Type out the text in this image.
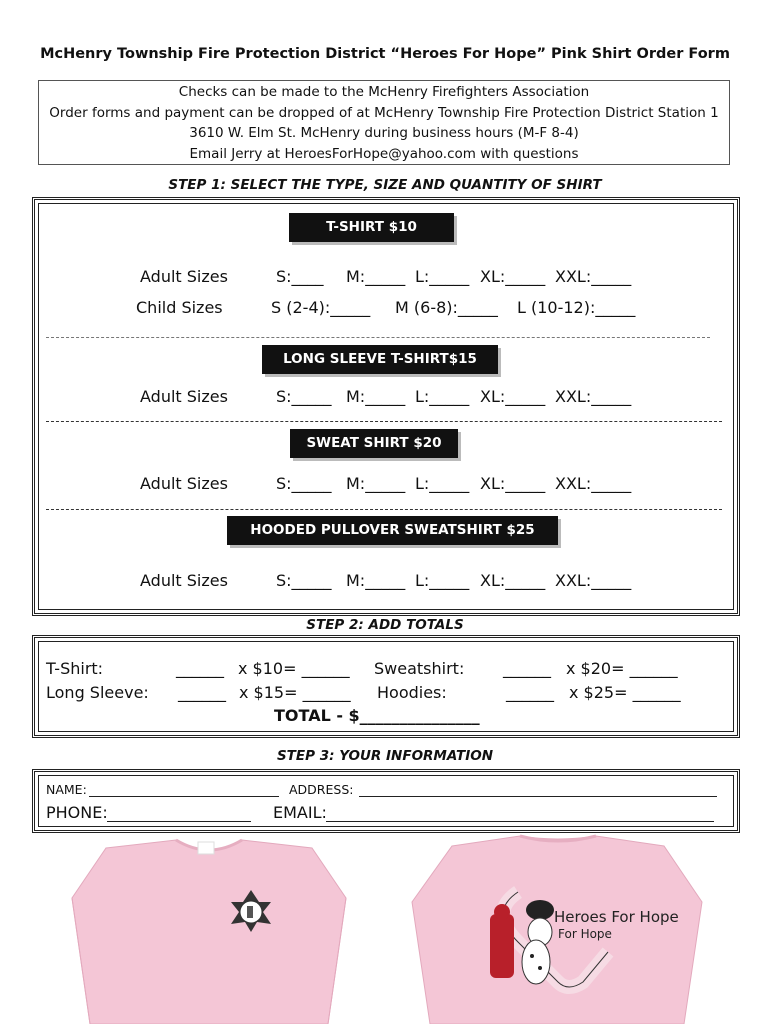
McHenry Township Fire Protection District “Heroes For Hope” Pink Shirt Order Form
Checks can be made to the McHenry Firefighters Association
Order forms and payment can be dropped of at McHenry Township Fire Protection District Station 1
3610 W. Elm St. McHenry during business hours (M-F 8-4)
Email Jerry at HeroesForHope@yahoo.com with questions
STEP 1: SELECT THE TYPE, SIZE AND QUANTITY OF SHIRT
T-SHIRT $10
Adult Sizes	S:____ M:_____ L:_____ XL:_____ XXL:_____
Child Sizes	S (2-4):_____ M (6-8):_____ L (10-12):_____
LONG SLEEVE T-SHIRT$15
Adult Sizes	S:_____ M:_____ L:_____ XL:_____ XXL:_____
SWEAT SHIRT $20
Adult Sizes	S:_____ M:_____ L:_____ XL:_____ XXL:_____
HOODED PULLOVER SWEATSHIRT $25
Adult Sizes	S:_____ M:_____ L:_____ XL:_____ XXL:_____
STEP 2: ADD TOTALS
T-Shirt:	______ x $10= ______ Sweatshirt: ______ x $20= ______
Long Sleeve: ______ x $15= ______ Hoodies:	______ x $25= ______
TOTAL - $_______________
STEP 3: YOUR INFORMATION
NAME:	ADDRESS:
PHONE:	EMAIL:
Heroes For Hope
For Hope
